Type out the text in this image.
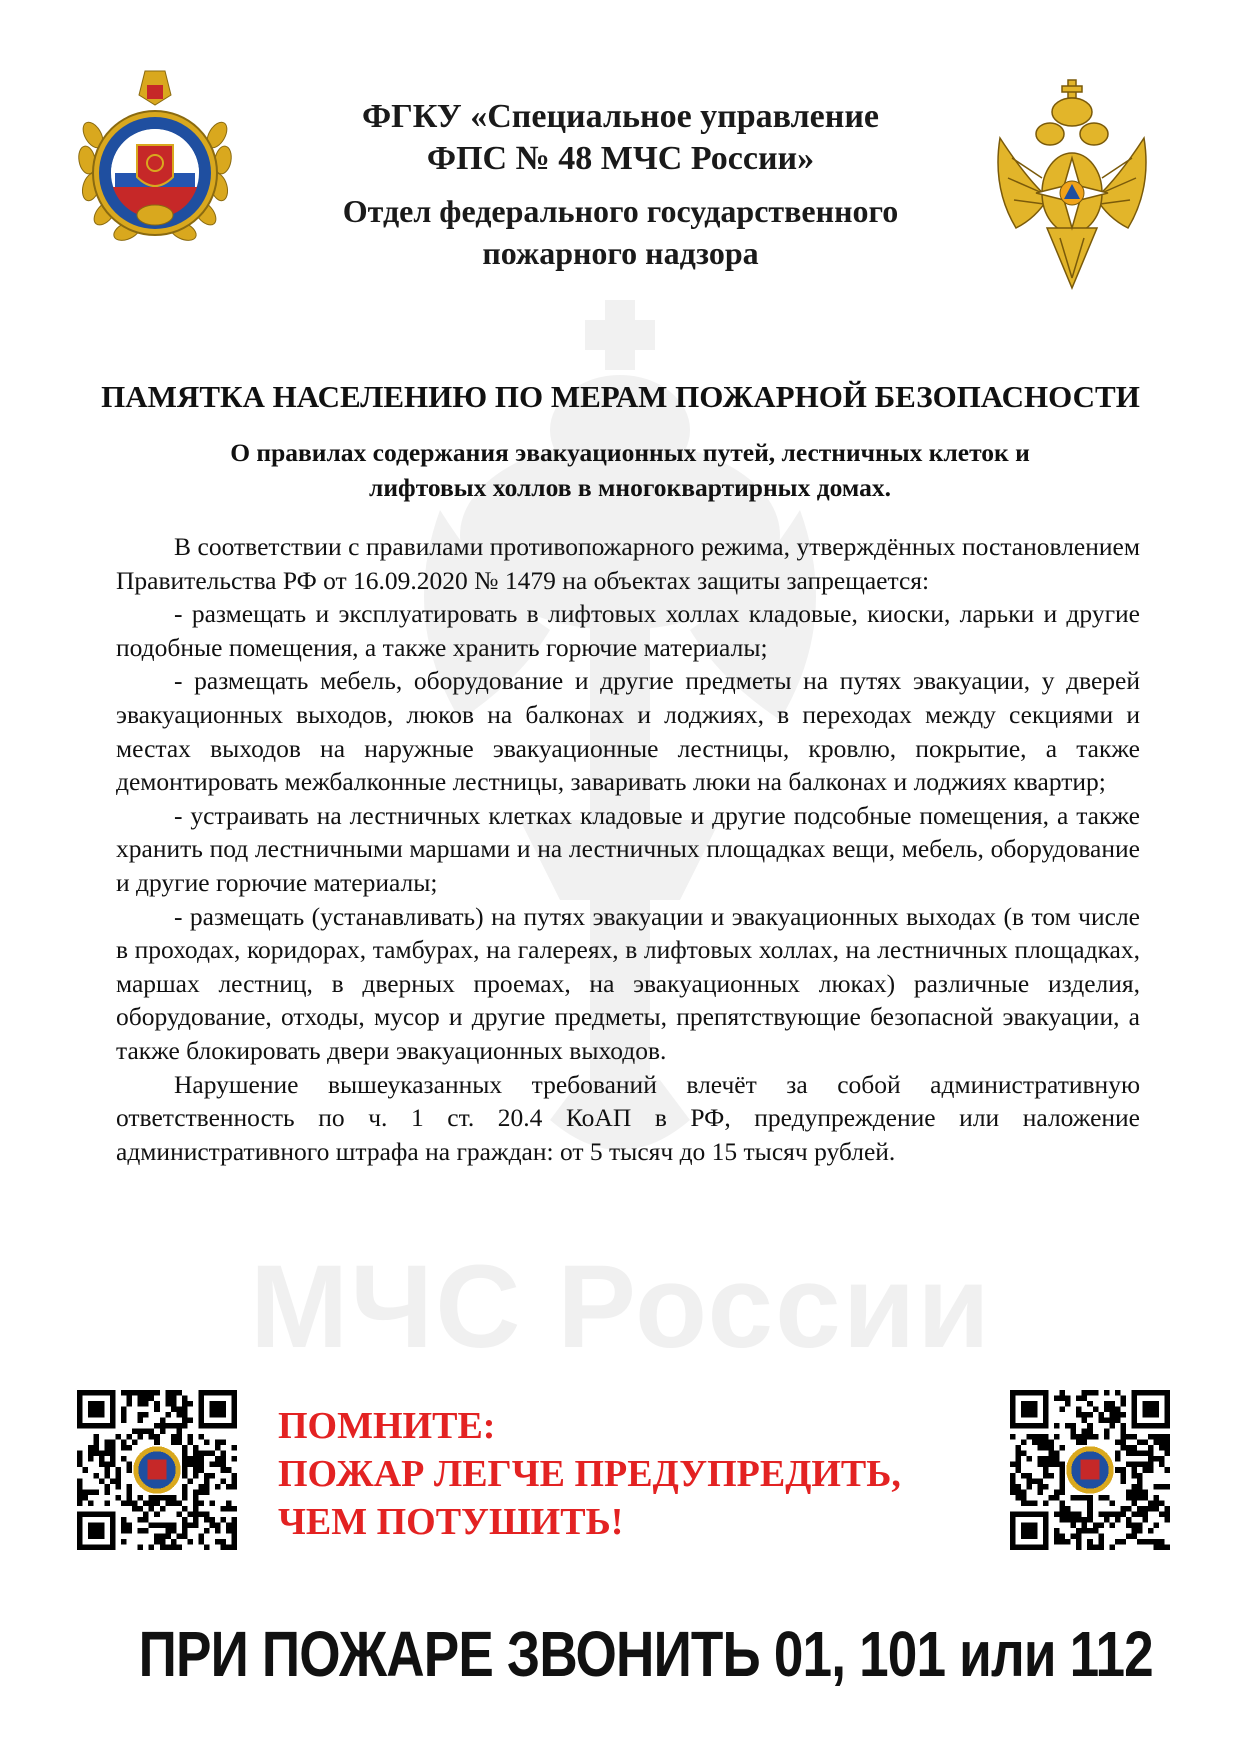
МЧС России
ФГКУ «Специальное управление
ФПС № 48 МЧС России»
Отдел федерального государственного
пожарного надзора
ПАМЯТКА НАСЕЛЕНИЮ ПО МЕРАМ ПОЖАРНОЙ БЕЗОПАСНОСТИ
О правилах содержания эвакуационных путей, лестничных клеток и
лифтовых холлов в многоквартирных домах.

В соответствии с правилами противопожарного режима, утверждённых постановлением Правительства РФ от 16.09.2020 № 1479 на объектах защиты запрещается:

- размещать и эксплуатировать в лифтовых холлах кладовые, киоски, ларьки и другие подобные помещения, а также хранить горючие материалы;

- размещать мебель, оборудование и другие предметы на путях эвакуации, у дверей эвакуационных выходов, люков на балконах и лоджиях, в переходах между секциями и местах выходов на наружные эвакуационные лестницы, кровлю, покрытие, а также демонтировать межбалконные лестницы, заваривать люки на балконах и лоджиях квартир;

- устраивать на лестничных клетках кладовые и другие подсобные помещения, а также хранить под лестничными маршами и на лестничных площадках вещи, мебель, оборудование и другие горючие материалы;

- размещать (устанавливать) на путях эвакуации и эвакуационных выходах (в том числе в проходах, коридорах, тамбурах, на галереях, в лифтовых холлах, на лестничных площадках, маршах лестниц, в дверных проемах, на эвакуационных люках) различные изделия, оборудование, отходы, мусор и другие предметы, препятствующие безопасной эвакуации, а также блокировать двери эвакуационных выходов.

Нарушение вышеуказанных требований влечёт за собой административную ответственность по ч. 1 ст. 20.4 КоАП в РФ, предупреждение или наложение административного штрафа на граждан: от 5 тысяч до 15 тысяч рублей.

ПОМНИТЕ:
ПОЖАР ЛЕГЧЕ ПРЕДУПРЕДИТЬ,
ЧЕМ ПОТУШИТЬ!
ПРИ ПОЖАРЕ ЗВОНИТЬ 01, 101 или 112
